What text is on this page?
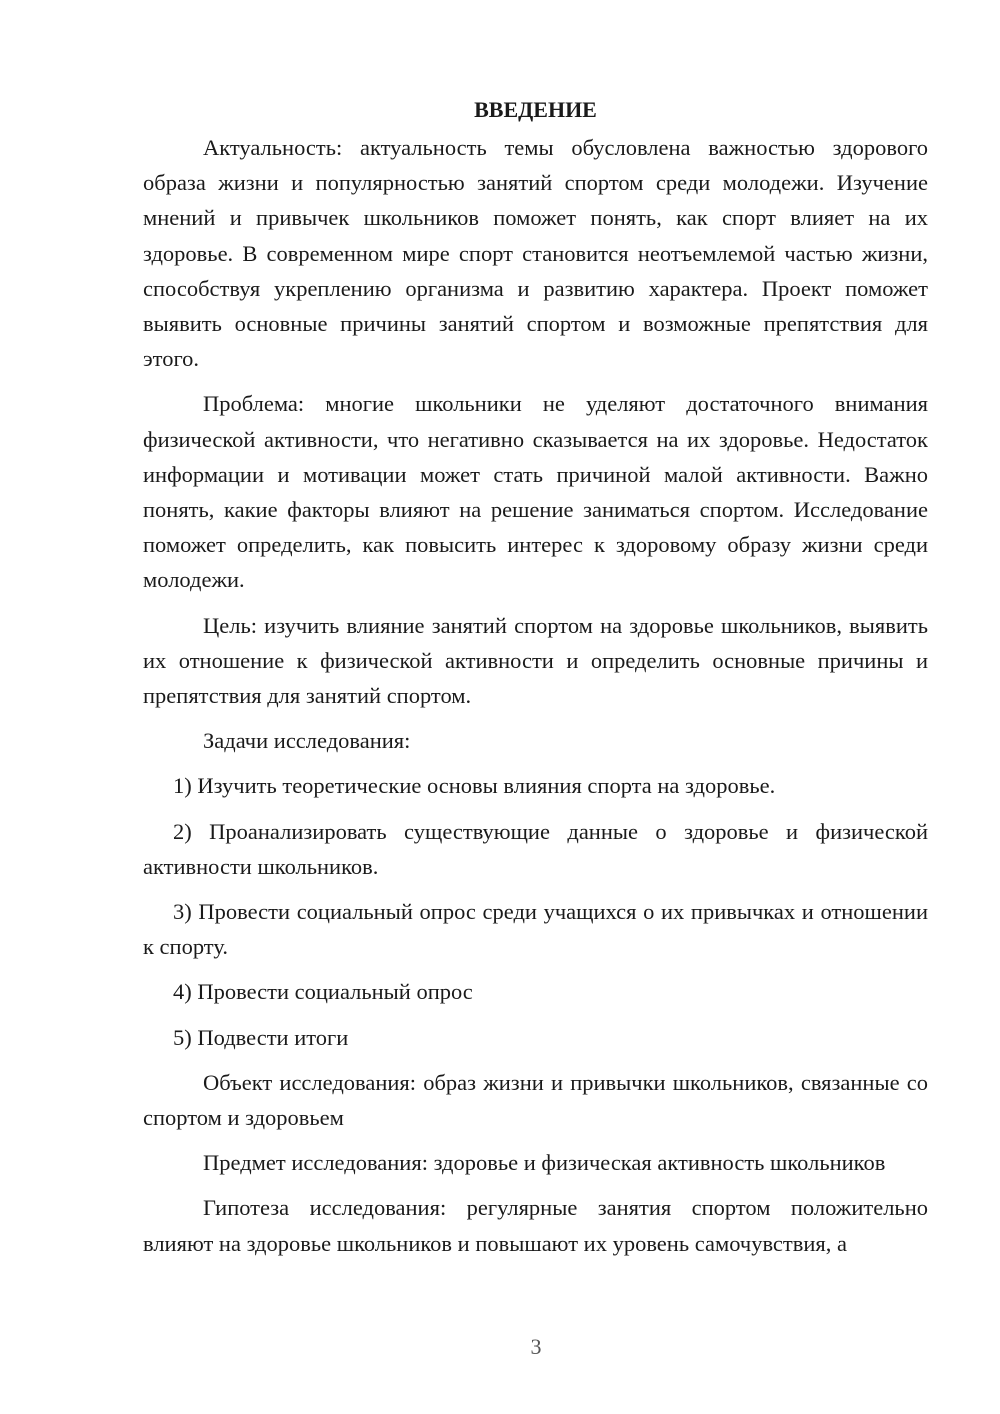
ВВЕДЕНИЕ

Актуальность: актуальность темы обусловлена важностью здорового образа жизни и популярностью занятий спортом среди молодежи. Изучение мнений и привычек школьников поможет понять, как спорт влияет на их здоровье. В современном мире спорт становится неотъемлемой частью жизни, способствуя укреплению организма и развитию характера. Проект поможет выявить основные причины занятий спортом и возможные препятствия для этого.

Проблема: многие школьники не уделяют достаточного внимания физической активности, что негативно сказывается на их здоровье. Недостаток информации и мотивации может стать причиной малой активности. Важно понять, какие факторы влияют на решение заниматься спортом. Исследование поможет определить, как повысить интерес к здоровому образу жизни среди молодежи.

Цель: изучить влияние занятий спортом на здоровье школьников, выявить их отношение к физической активности и определить основные причины и препятствия для занятий спортом.

Задачи исследования:

1) Изучить теоретические основы влияния спорта на здоровье.

2) Проанализировать существующие данные о здоровье и физической активности школьников.

3) Провести социальный опрос среди учащихся о их привычках и отношении к спорту.

4) Провести социальный опрос

5) Подвести итоги

Объект исследования: образ жизни и привычки школьников, связанные со спортом и здоровьем

Предмет исследования: здоровье и физическая активность школьников

Гипотеза исследования: регулярные занятия спортом положительно влияют на здоровье школьников и повышают их уровень самочувствия, а

3
